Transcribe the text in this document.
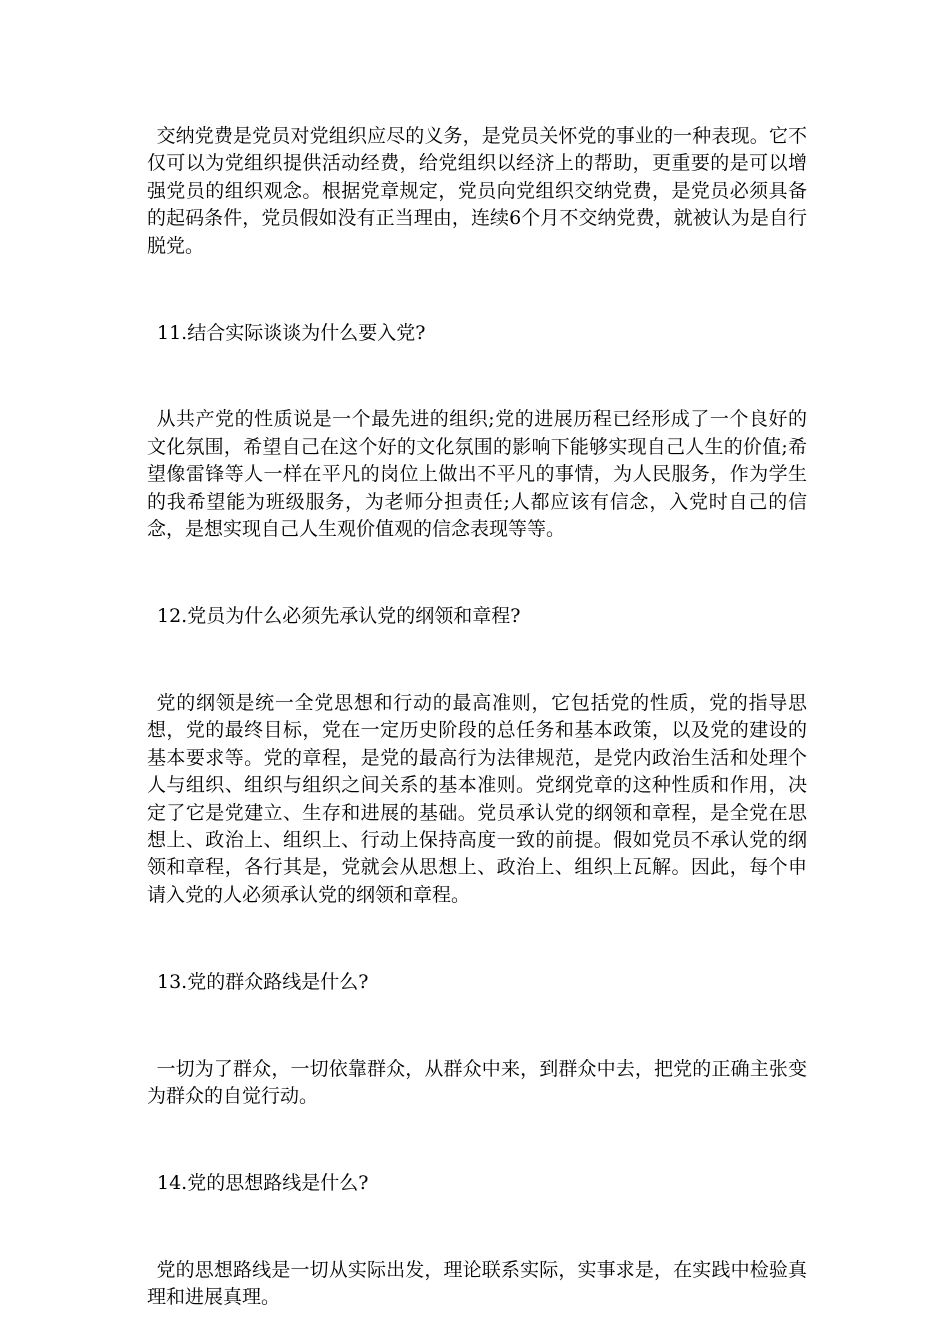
交纳党费是党员对党组织应尽的义务，是党员关怀党的事业的一种表现。它不仅可以为党组织提供活动经费，给党组织以经济上的帮助，更重要的是可以增强党员的组织观念。根据党章规定，党员向党组织交纳党费，是党员必须具备的起码条件，党员假如没有正当理由，连续6个月不交纳党费，就被认为是自行脱党。

11.结合实际谈谈为什么要入党?

从共产党的性质说是一个最先进的组织;党的进展历程已经形成了一个良好的文化氛围，希望自己在这个好的文化氛围的影响下能够实现自己人生的价值;希望像雷锋等人一样在平凡的岗位上做出不平凡的事情，为人民服务，作为学生的我希望能为班级服务，为老师分担责任;人都应该有信念，入党时自己的信念，是想实现自己人生观价值观的信念表现等等。

12.党员为什么必须先承认党的纲领和章程?

党的纲领是统一全党思想和行动的最高准则，它包括党的性质，党的指导思想，党的最终目标，党在一定历史阶段的总任务和基本政策，以及党的建设的基本要求等。党的章程，是党的最高行为法律规范，是党内政治生活和处理个人与组织、组织与组织之间关系的基本准则。党纲党章的这种性质和作用，决定了它是党建立、生存和进展的基础。党员承认党的纲领和章程，是全党在思想上、政治上、组织上、行动上保持高度一致的前提。假如党员不承认党的纲领和章程，各行其是，党就会从思想上、政治上、组织上瓦解。因此，每个申请入党的人必须承认党的纲领和章程。

13.党的群众路线是什么?

一切为了群众，一切依靠群众，从群众中来，到群众中去，把党的正确主张变为群众的自觉行动。

14.党的思想路线是什么?

党的思想路线是一切从实际出发，理论联系实际，实事求是，在实践中检验真理和进展真理。
